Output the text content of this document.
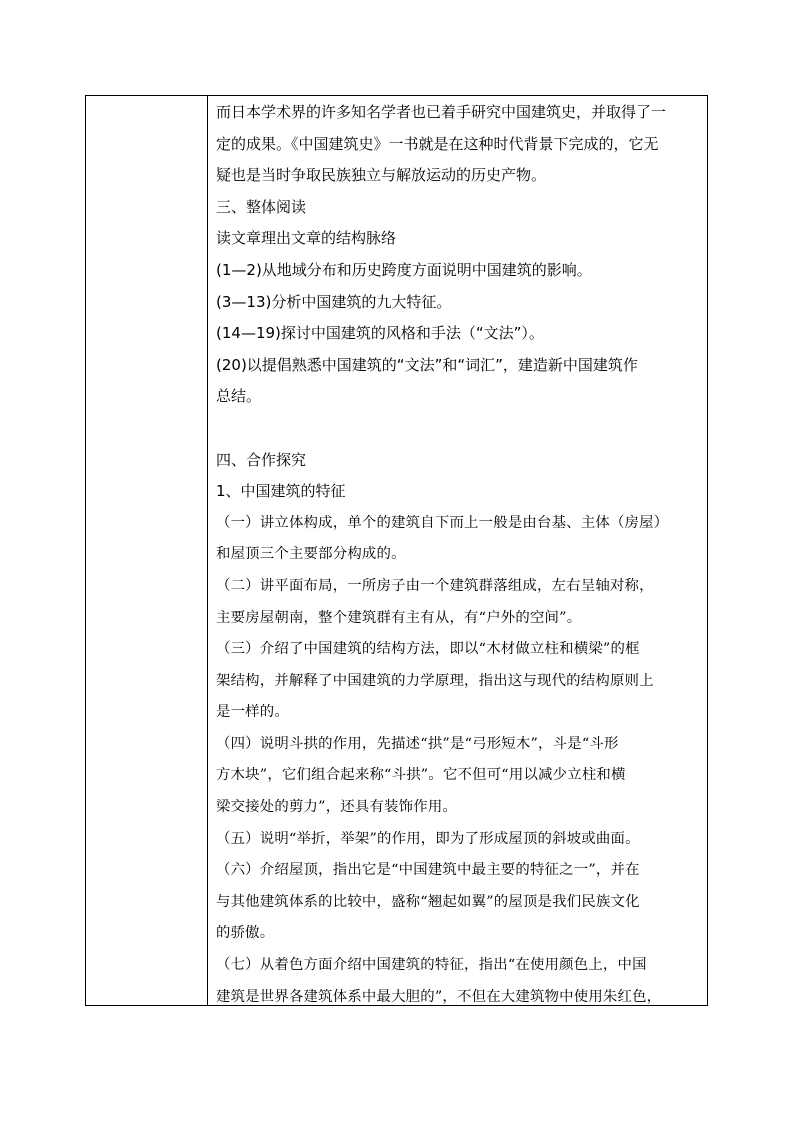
而日本学术界的许多知名学者也已着手研究中国建筑史，并取得了一

定的成果。《中国建筑史》一书就是在这种时代背景下完成的，它无

疑也是当时争取民族独立与解放运动的历史产物。

三、整体阅读

读文章理出文章的结构脉络

(1—2)从地域分布和历史跨度方面说明中国建筑的影响。

(3—13)分析中国建筑的九大特征。

(14—19)探讨中国建筑的风格和手法（“文法”）。

(20)以提倡熟悉中国建筑的“文法”和“词汇”，建造新中国建筑作

总结。

四、合作探究

1、中国建筑的特征

（一）讲立体构成，单个的建筑自下而上一般是由台基、主体（房屋）
和屋顶三个主要部分构成的。

（二）讲平面布局，一所房子由一个建筑群落组成，左右呈轴对称，
主要房屋朝南，整个建筑群有主有从，有“户外的空间”。

（三）介绍了中国建筑的结构方法，即以“木材做立柱和横梁”的框
架结构，并解释了中国建筑的力学原理，指出这与现代的结构原则上
是一样的。

（四）说明斗拱的作用，先描述“拱”是“弓形短木”，斗是“斗形
方木块”，它们组合起来称“斗拱”。它不但可“用以减少立柱和横
梁交接处的剪力”，还具有装饰作用。

（五）说明“举折，举架”的作用，即为了形成屋顶的斜坡或曲面。

（六）介绍屋顶，指出它是“中国建筑中最主要的特征之一”，并在
与其他建筑体系的比较中，盛称“翘起如翼”的屋顶是我们民族文化
的骄傲。

（七）从着色方面介绍中国建筑的特征，指出“在使用颜色上，中国
建筑是世界各建筑体系中最大胆的”，不但在大建筑物中使用朱红色，
